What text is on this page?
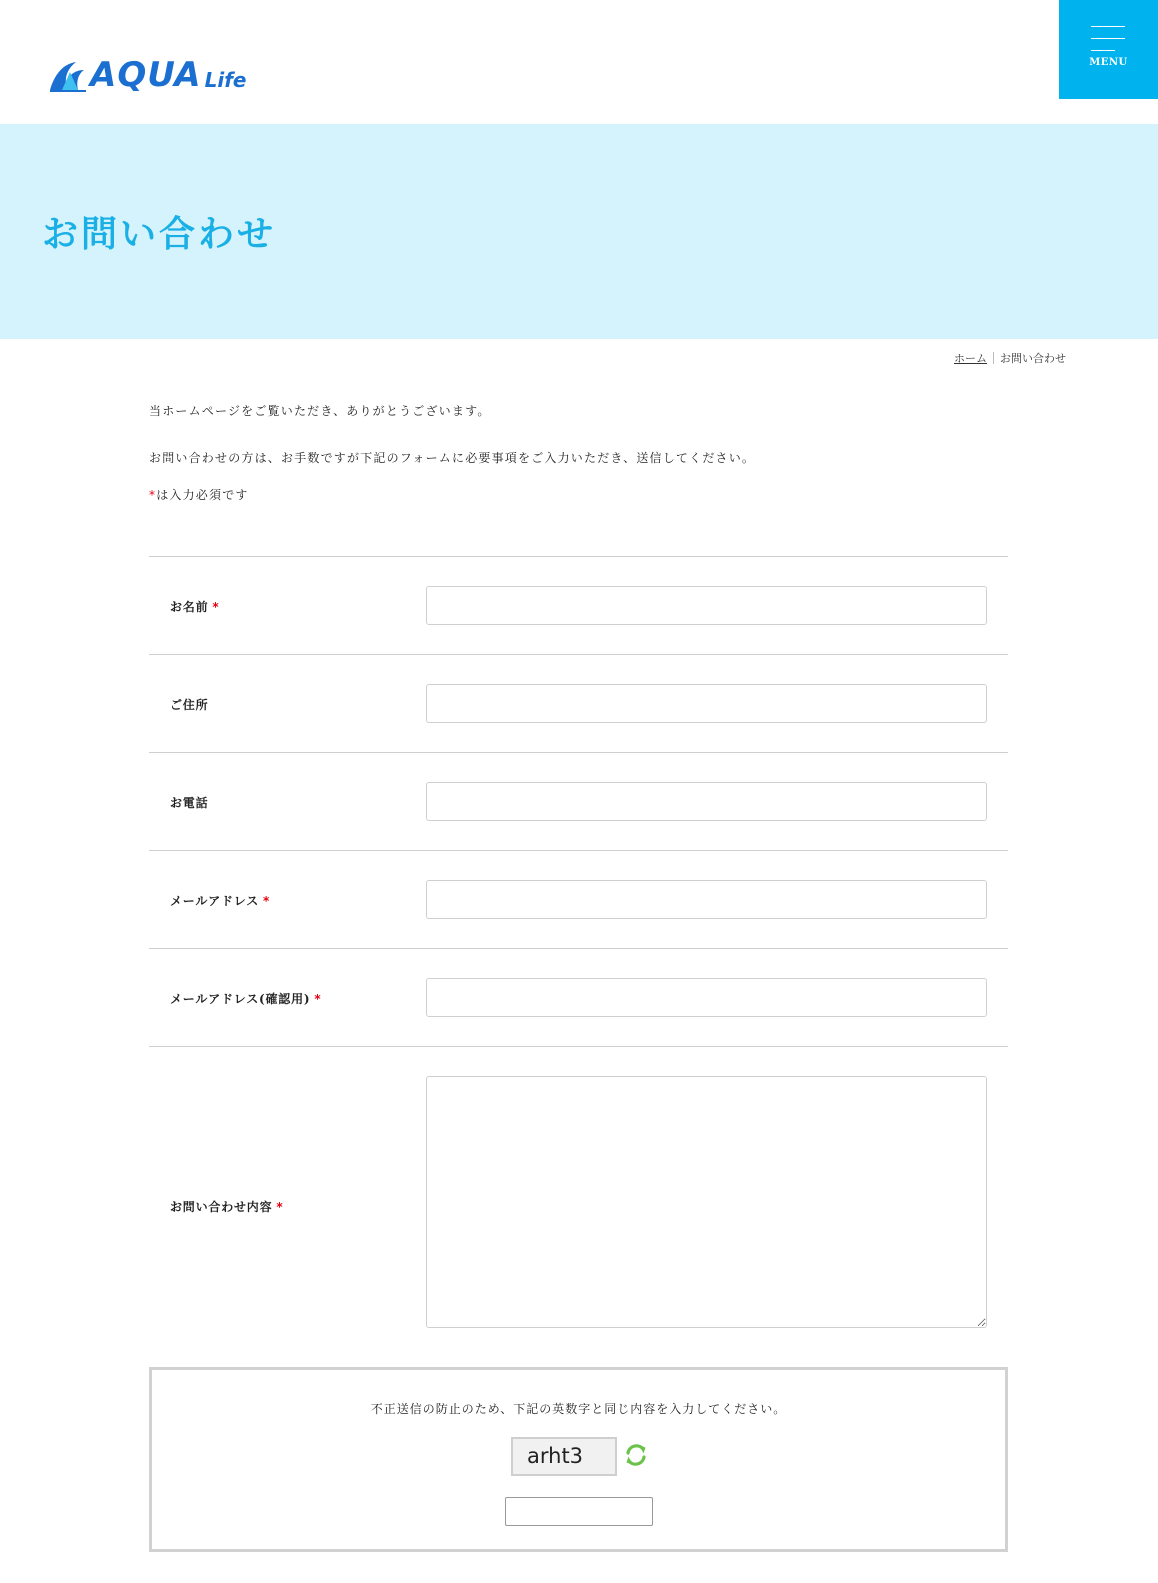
AQUA Life
MENU
お問い合わせ
ホーム お問い合わせ

当ホームページをご覧いただき、ありがとうございます。

お問い合わせの方は、お手数ですが下記のフォームに必要事項をご入力いただき、送信してください。

*は入力必須です

お名前 *
ご住所
お電話
メールアドレス *
メールアドレス(確認用) *
お問い合わせ内容 *

不正送信の防止のため、下記の英数字と同じ内容を入力してください。

arht3
